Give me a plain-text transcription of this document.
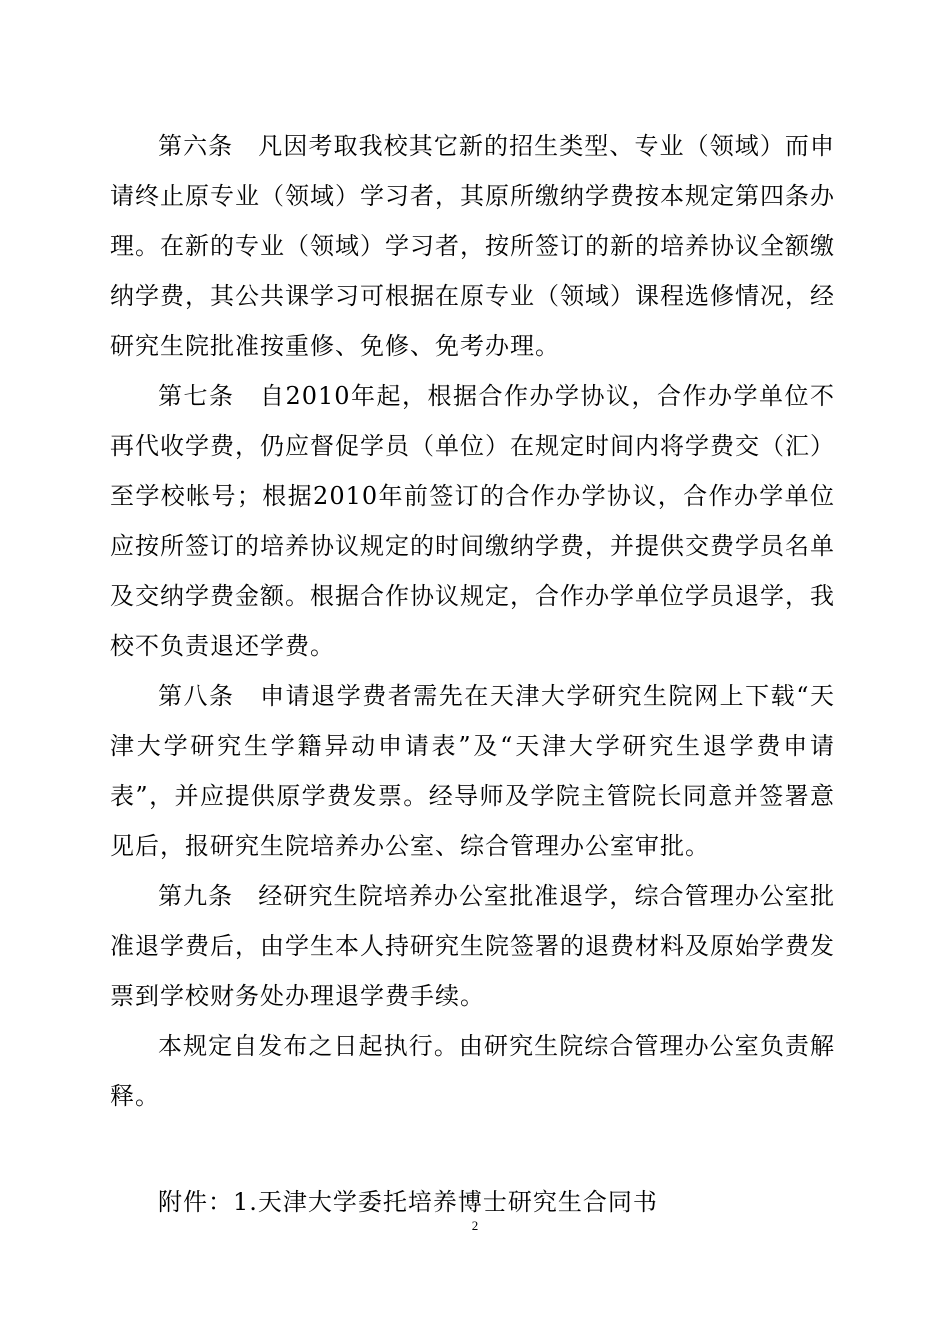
第六条　凡因考取我校其它新的招生类型、专业（领域）而申请终止原专业（领域）学习者，其原所缴纳学费按本规定第四条办理。在新的专业（领域）学习者，按所签订的新的培养协议全额缴纳学费，其公共课学习可根据在原专业（领域）课程选修情况，经研究生院批准按重修、免修、免考办理。

第七条　自2010年起，根据合作办学协议，合作办学单位不再代收学费，仍应督促学员（单位）在规定时间内将学费交（汇）至学校帐号；根据2010年前签订的合作办学协议，合作办学单位应按所签订的培养协议规定的时间缴纳学费，并提供交费学员名单及交纳学费金额。根据合作协议规定，合作办学单位学员退学，我校不负责退还学费。

第八条　申请退学费者需先在天津大学研究生院网上下载“天津大学研究生学籍异动申请表”及“天津大学研究生退学费申请表”，并应提供原学费发票。经导师及学院主管院长同意并签署意见后，报研究生院培养办公室、综合管理办公室审批。

第九条　经研究生院培养办公室批准退学，综合管理办公室批准退学费后，由学生本人持研究生院签署的退费材料及原始学费发票到学校财务处办理退学费手续。

本规定自发布之日起执行。由研究生院综合管理办公室负责解释。

附件：1.天津大学委托培养博士研究生合同书

2
